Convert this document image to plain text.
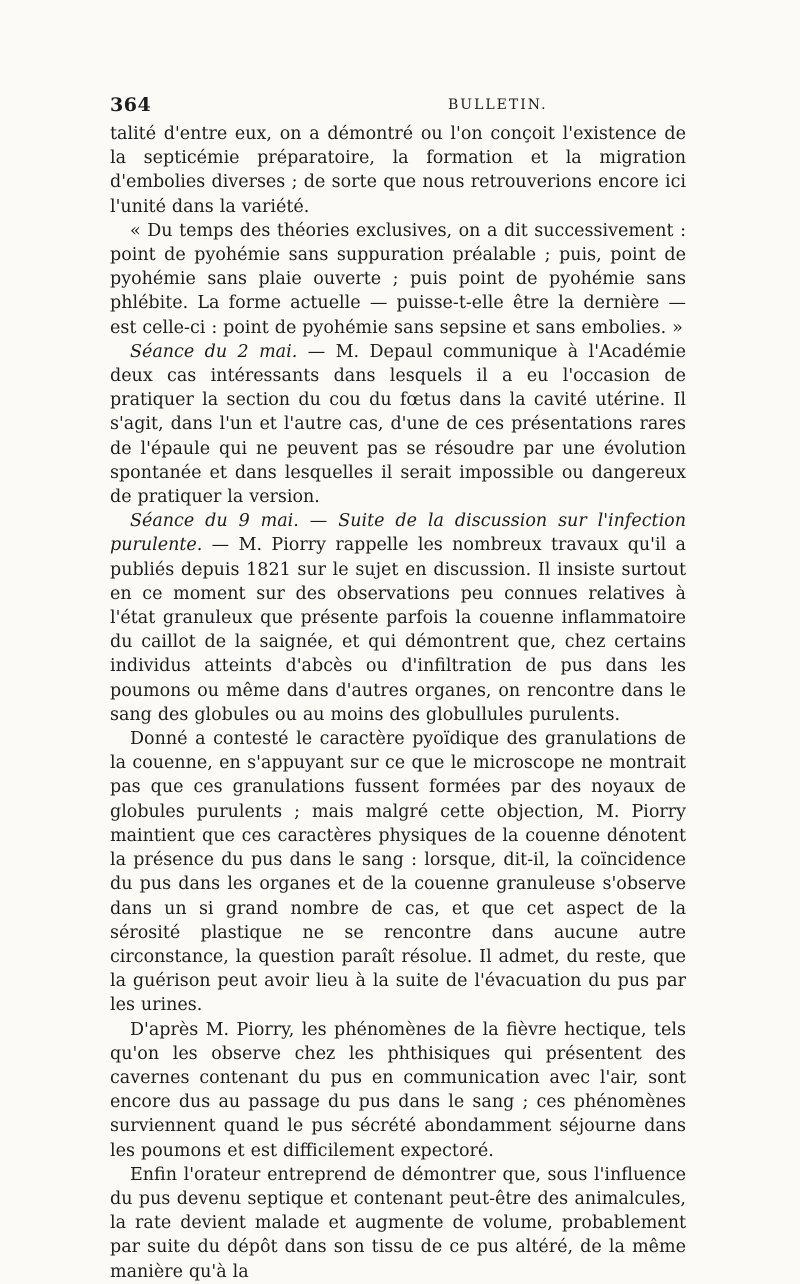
364	BULLETIN.

talité d'entre eux, on a démontré ou l'on conçoit l'existence de la septicémie préparatoire, la formation et la migration d'embolies diverses ; de sorte que nous retrouverions encore ici l'unité dans la variété.

« Du temps des théories exclusives, on a dit successivement : point de pyohémie sans suppuration préalable ; puis, point de pyohémie sans plaie ouverte ; puis point de pyohémie sans phlébite. La forme actuelle — puisse-t-elle être la dernière — est celle-ci : point de pyohémie sans sepsine et sans embolies. »

Séance du 2 mai. — M. Depaul communique à l'Académie deux cas intéressants dans lesquels il a eu l'occasion de pratiquer la section du cou du fœtus dans la cavité utérine. Il s'agit, dans l'un et l'autre cas, d'une de ces présentations rares de l'épaule qui ne peuvent pas se résoudre par une évolution spontanée et dans lesquelles il serait impossible ou dangereux de pratiquer la version.

Séance du 9 mai. — Suite de la discussion sur l'infection purulente. — M. Piorry rappelle les nombreux travaux qu'il a publiés depuis 1821 sur le sujet en discussion. Il insiste surtout en ce moment sur des observations peu connues relatives à l'état granuleux que présente parfois la couenne inflammatoire du caillot de la saignée, et qui démontrent que, chez certains individus atteints d'abcès ou d'infiltration de pus dans les poumons ou même dans d'autres organes, on rencontre dans le sang des globules ou au moins des globullules purulents.

Donné a contesté le caractère pyoïdique des granulations de la couenne, en s'appuyant sur ce que le microscope ne montrait pas que ces granulations fussent formées par des noyaux de globules purulents ; mais malgré cette objection, M. Piorry maintient que ces caractères physiques de la couenne dénotent la présence du pus dans le sang : lorsque, dit-il, la coïncidence du pus dans les organes et de la couenne granuleuse s'observe dans un si grand nombre de cas, et que cet aspect de la sérosité plastique ne se rencontre dans aucune autre circonstance, la question paraît résolue. Il admet, du reste, que la guérison peut avoir lieu à la suite de l'évacuation du pus par les urines.

D'après M. Piorry, les phénomènes de la fièvre hectique, tels qu'on les observe chez les phthisiques qui présentent des cavernes contenant du pus en communication avec l'air, sont encore dus au passage du pus dans le sang ; ces phénomènes surviennent quand le pus sécrété abondamment séjourne dans les poumons et est difficilement expectoré.

Enfin l'orateur entreprend de démontrer que, sous l'influence du pus devenu septique et contenant peut-être des animalcules, la rate devient malade et augmente de volume, probablement par suite du dépôt dans son tissu de ce pus altéré, de la même manière qu'à la
